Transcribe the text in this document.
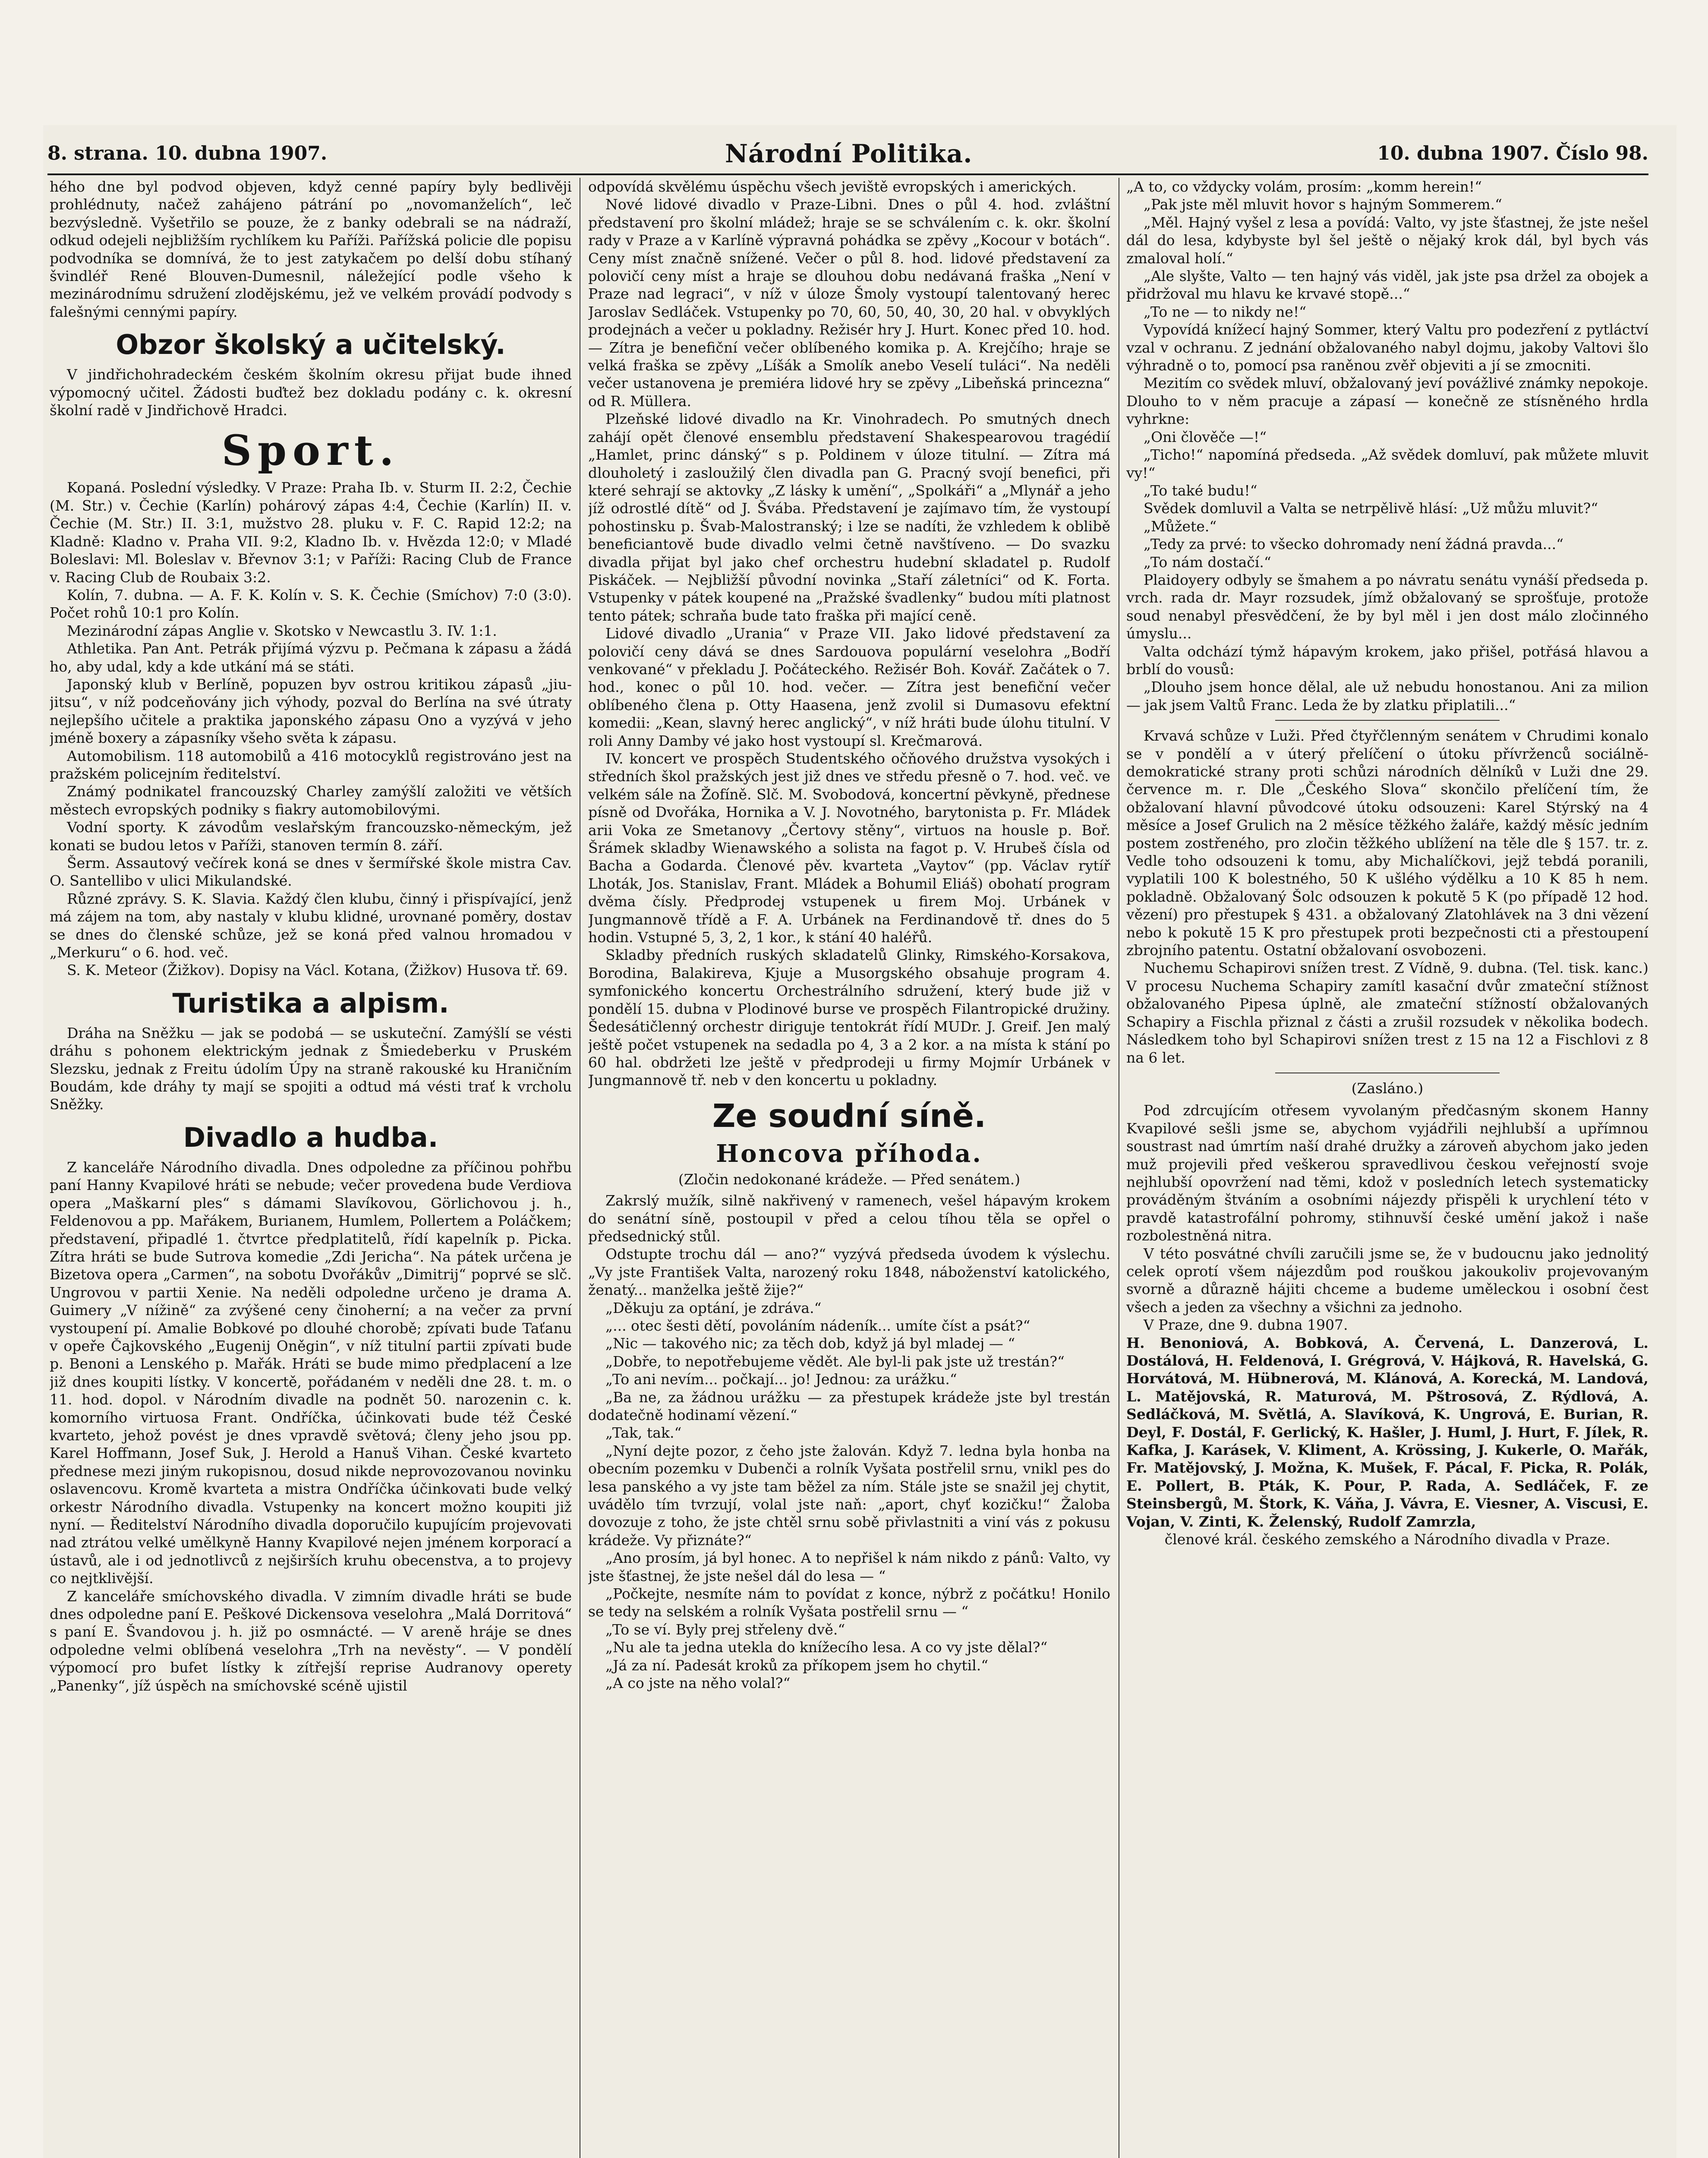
8. strana. 10. dubna 1907.	Národní Politika.	10. dubna 1907. Číslo 98.

hého dne byl podvod objeven, když cenné papíry byly bedlivěji prohlédnuty, načež zahájeno pátrání po „novomanželích“, leč bezvýsledně. Vyšetřilo se pouze, že z banky odebrali se na nádraží, odkud odejeli nejbližším rychlíkem ku Paříži. Pařížská policie dle popisu podvodníka se domnívá, že to jest zatykačem po delší dobu stíhaný švindléř René Blouven-Dumesnil, náležející podle všeho k mezinárodnímu sdružení zlodějskému, jež ve velkém provádí podvody s falešnými cennými papíry.

Obzor školský a učitelský.

V jindřichohradeckém českém školním okresu přijat bude ihned výpomocný učitel. Žádosti buďtež bez dokladu podány c. k. okresní školní radě v Jindřichově Hradci.

Sport.

Kopaná. Poslední výsledky. V Praze: Praha Ib. v. Sturm II. 2:2, Čechie (M. Str.) v. Čechie (Karlín) pohárový zápas 4:4, Čechie (Karlín) II. v. Čechie (M. Str.) II. 3:1, mužstvo 28. pluku v. F. C. Rapid 12:2; na Kladně: Kladno v. Praha VII. 9:2, Kladno Ib. v. Hvězda 12:0; v Mladé Boleslavi: Ml. Boleslav v. Břevnov 3:1; v Paříži: Racing Club de France v. Racing Club de Roubaix 3:2.

Kolín, 7. dubna. — A. F. K. Kolín v. S. K. Čechie (Smíchov) 7:0 (3:0). Počet rohů 10:1 pro Kolín.

Mezinárodní zápas Anglie v. Skotsko v Newcastlu 3. IV. 1:1.

Athletika. Pan Ant. Petrák přijímá výzvu p. Pečmana k zápasu a žádá ho, aby udal, kdy a kde utkání má se státi.

Japonský klub v Berlíně, popuzen byv ostrou kritikou zápasů „jiu-jitsu“, v níž podceňovány jich výhody, pozval do Berlína na své útraty nejlepšího učitele a praktika japonského zápasu Ono a vyzývá v jeho jméně boxery a zápasníky všeho světa k zápasu.

Automobilism. 118 automobilů a 416 motocyklů registrováno jest na pražském policejním ředitelství.

Známý podnikatel francouzský Charley zamýšlí založiti ve větších městech evropských podniky s fiakry automobilovými.

Vodní sporty. K závodům veslařským francouzsko-německým, jež konati se budou letos v Paříži, stanoven termín 8. září.

Šerm. Assautový večírek koná se dnes v šermířské škole mistra Cav. O. Santellibo v ulici Mikulandské.

Různé zprávy. S. K. Slavia. Každý člen klubu, činný i přispívající, jenž má zájem na tom, aby nastaly v klubu klidné, urovnané poměry, dostav se dnes do členské schůze, jež se koná před valnou hromadou v „Merkuru“ o 6. hod. več.

S. K. Meteor (Žižkov). Dopisy na Václ. Kotana, (Žižkov) Husova tř. 69.

Turistika a alpism.

Dráha na Sněžku — jak se podobá — se uskuteční. Zamýšlí se vésti dráhu s pohonem elektrickým jednak z Šmiedeberku v Pruském Slezsku, jednak z Freitu údolím Úpy na straně rakouské ku Hraničním Boudám, kde dráhy ty mají se spojiti a odtud má vésti trať k vrcholu Sněžky.

Divadlo a hudba.

Z kanceláře Národního divadla. Dnes odpoledne za příčinou pohřbu paní Hanny Kvapilové hráti se nebude; večer provedena bude Verdiova opera „Maškarní ples“ s dámami Slavíkovou, Görlichovou j. h., Feldenovou a pp. Mařákem, Burianem, Humlem, Pollertem a Poláčkem; představení, připadlé 1. čtvrtce předplatitelů, řídí kapelník p. Picka. Zítra hráti se bude Sutrova komedie „Zdi Jericha“. Na pátek určena je Bizetova opera „Carmen“, na sobotu Dvořákův „Dimitrij“ poprvé se slč. Ungrovou v partii Xenie. Na neděli odpoledne určeno je drama A. Guimery „V nížině“ za zvýšené ceny činoherní; a na večer za první vystoupení pí. Amalie Bobkové po dlouhé chorobě; zpívati bude Taťanu v opeře Čajkovského „Eugenij Oněgin“, v níž titulní partii zpívati bude p. Benoni a Lenského p. Mařák. Hráti se bude mimo předplacení a lze již dnes koupiti lístky. V koncertě, pořádaném v neděli dne 28. t. m. o 11. hod. dopol. v Národním divadle na podnět 50. narozenin c. k. komorního virtuosa Frant. Ondříčka, účinkovati bude též České kvarteto, jehož povést je dnes vpravdě světová; členy jeho jsou pp. Karel Hoffmann, Josef Suk, J. Herold a Hanuš Vihan. České kvarteto přednese mezi jiným rukopisnou, dosud nikde neprovozovanou novinku oslavencovu. Kromě kvarteta a mistra Ondříčka účinkovati bude velký orkestr Národního divadla. Vstupenky na koncert možno koupiti již nyní. — Ředitelství Národního divadla doporučilo kupujícím projevovati nad ztrátou velké umělkyně Hanny Kvapilové nejen jménem korporací a ústavů, ale i od jednotlivců z nejširších kruhu obecenstva, a to projevy co nejtklivější.

Z kanceláře smíchovského divadla. V zimním divadle hráti se bude dnes odpoledne paní E. Peškové Dickensova veselohra „Malá Dorritová“ s paní E. Švandovou j. h. již po osmnácté. — V areně hráje se dnes odpoledne velmi oblíbená veselohra „Trh na nevěsty“. — V pondělí výpomocí pro bufet lístky k zítřejší reprise Audranovy operety „Panenky“, jíž úspěch na smíchovské scéně ujistil

odpovídá skvělému úspěchu všech jeviště evropských i amerických.

Nové lidové divadlo v Praze-Libni. Dnes o půl 4. hod. zvláštní představení pro školní mládež; hraje se se schválením c. k. okr. školní rady v Praze a v Karlíně výpravná pohádka se zpěvy „Kocour v botách“. Ceny míst značně snížené. Večer o půl 8. hod. lidové představení za polovičí ceny míst a hraje se dlouhou dobu nedávaná fraška „Není v Praze nad legraci“, v níž v úloze Šmoly vystoupí talentovaný herec Jaroslav Sedláček. Vstupenky po 70, 60, 50, 40, 30, 20 hal. v obvyklých prodejnách a večer u pokladny. Režisér hry J. Hurt. Konec před 10. hod. — Zítra je benefiční večer oblíbeného komika p. A. Krejčího; hraje se velká fraška se zpěvy „Líšák a Smolík anebo Veselí tuláci“. Na neděli večer ustanovena je premiéra lidové hry se zpěvy „Libeňská princezna“ od R. Müllera.

Plzeňské lidové divadlo na Kr. Vinohradech. Po smutných dnech zahájí opět členové ensemblu představení Shakespearovou tragédií „Hamlet, princ dánský“ s p. Poldinem v úloze titulní. — Zítra má dlouholetý i zasloužilý člen divadla pan G. Pracný svojí benefici, při které sehrají se aktovky „Z lásky k umění“, „Spolkáři“ a „Mlynář a jeho jíž odrostlé dítě“ od J. Švába. Představení je zajímavo tím, že vystoupí pohostinsku p. Švab-Malostranský; i lze se nadíti, že vzhledem k oblibě beneficiantově bude divadlo velmi četně navštíveno. — Do svazku divadla přijat byl jako chef orchestru hudební skladatel p. Rudolf Piskáček. — Nejbližší původní novinka „Staří záletníci“ od K. Forta. Vstupenky v pátek koupené na „Pražské švadlenky“ budou míti platnost tento pátek; schraňa bude tato fraška při mající ceně.

Lidové divadlo „Urania“ v Praze VII. Jako lidové představení za polovičí ceny dává se dnes Sardouova populární veselohra „Bodří venkované“ v překladu J. Počáteckého. Režisér Boh. Kovář. Začátek o 7. hod., konec o půl 10. hod. večer. — Zítra jest benefiční večer oblíbeného člena p. Otty Haasena, jenž zvolil si Dumasovu efektní komedii: „Kean, slavný herec anglický“, v níž hráti bude úlohu titulní. V roli Anny Damby vé jako host vystoupí sl. Krečmarová.

IV. koncert ve prospěch Studentského očňového družstva vysokých i středních škol pražských jest již dnes ve středu přesně o 7. hod. več. ve velkém sále na Žofíně. Slč. M. Svobodová, koncertní pěvkyně, přednese písně od Dvořáka, Hornika a V. J. Novotného, barytonista p. Fr. Mládek arii Voka ze Smetanovy „Čertovy stěny“, virtuos na housle p. Boř. Šrámek skladby Wienawského a solista na fagot p. V. Hrubeš čísla od Bacha a Godarda. Členové pěv. kvarteta „Vaytov“ (pp. Václav rytíř Lhoták, Jos. Stanislav, Frant. Mládek a Bohumil Eliáš) obohatí program dvěma čísly. Předprodej vstupenek u firem Moj. Urbánek v Jungmannově třídě a F. A. Urbánek na Ferdinandově tř. dnes do 5 hodin. Vstupné 5, 3, 2, 1 kor., k stání 40 haléřů.

Skladby předních ruských skladatelů Glinky, Rimského-Korsakova, Borodina, Balakireva, Kjuje a Musorgského obsahuje program 4. symfonického koncertu Orchestrálního sdružení, který bude již v pondělí 15. dubna v Plodinové burse ve prospěch Filantropické družiny. Šedesátičlenný orchestr diriguje tentokrát řídí MUDr. J. Greif. Jen malý ještě počet vstupenek na sedadla po 4, 3 a 2 kor. a na místa k stání po 60 hal. obdržeti lze ještě v předprodeji u firmy Mojmír Urbánek v Jungmannově tř. neb v den koncertu u pokladny.

Ze soudní síně.
Honcova příhoda.
(Zločin nedokonané krádeže. — Před senátem.)

Zakrslý mužík, silně nakřivený v ramenech, vešel hápavým krokem do senátní síně, postoupil v před a celou tíhou těla se opřel o předsednický stůl.

Odstupte trochu dál — ano?“ vyzývá předseda úvodem k výslechu. „Vy jste František Valta, narozený roku 1848, náboženství katolického, ženatý... manželka ještě žije?“

„Děkuju za optání, je zdráva.“

„... otec šesti dětí, povoláním nádeník... umíte číst a psát?“

„Nic — takového nic; za těch dob, když já byl mladej — “

„Dobře, to nepotřebujeme vědět. Ale byl-li pak jste už trestán?“

„To ani nevím... počkají... jo! Jednou: za urážku.“

„Ba ne, za žádnou urážku — za přestupek krádeže jste byl trestán dodatečně hodinamí vězení.“

„Tak, tak.“

„Nyní dejte pozor, z čeho jste žalován. Když 7. ledna byla honba na obecním pozemku v Dubenči a rolník Vyšata postřelil srnu, vnikl pes do lesa panského a vy jste tam běžel za ním. Stále jste se snažil jej chytit, uvádělo tím tvrzují, volal jste naň: „aport, chyť kozičku!“ Žaloba dovozuje z toho, že jste chtěl srnu sobě přivlastniti a viní vás z pokusu krádeže. Vy přiznáte?“

„Ano prosím, já byl honec. A to nepřišel k nám nikdo z pánů: Valto, vy jste šťastnej, že jste nešel dál do lesa — “

„Počkejte, nesmíte nám to povídat z konce, nýbrž z počátku! Honilo se tedy na selském a rolník Vyšata postřelil srnu — “

„To se ví. Byly prej střeleny dvě.“

„Nu ale ta jedna utekla do knížecího lesa. A co vy jste dělal?“

„Já za ní. Padesát kroků za příkopem jsem ho chytil.“

„A co jste na něho volal?“

„A to, co vždycky volám, prosím: „komm herein!“

„Pak jste měl mluvit hovor s hajným Sommerem.“

„Měl. Hajný vyšel z lesa a povídá: Valto, vy jste šťastnej, že jste nešel dál do lesa, kdybyste byl šel ještě o nějaký krok dál, byl bych vás zmaloval holí.“

„Ale slyšte, Valto — ten hajný vás viděl, jak jste psa držel za obojek a přidržoval mu hlavu ke krvavé stopě...“

„To ne — to nikdy ne!“

Vypovídá knížecí hajný Sommer, který Valtu pro podezření z pytláctví vzal v ochranu. Z jednání obžalovaného nabyl dojmu, jakoby Valtovi šlo výhradně o to, pomocí psa raněnou zvěř objeviti a jí se zmocniti.

Mezitím co svědek mluví, obžalovaný jeví povážlivé známky nepokoje. Dlouho to v něm pracuje a zápasí — konečně ze stísněného hrdla vyhrkne:

„Oni člověče —!“

„Ticho!“ napomíná předseda. „Až svědek domluví, pak můžete mluvit vy!“

„To také budu!“

Svědek domluvil a Valta se netrpělivě hlásí: „Už můžu mluvit?“

„Můžete.“

„Tedy za prvé: to všecko dohromady není žádná pravda...“

„To nám dostačí.“

Plaidoyery odbyly se šmahem a po návratu senátu vynáší předseda p. vrch. rada dr. Mayr rozsudek, jímž obžalovaný se sprošťuje, protože soud nenabyl přesvědčení, že by byl měl i jen dost málo zločinného úmyslu...

Valta odchází týmž hápavým krokem, jako přišel, potřásá hlavou a brblí do vousů:

„Dlouho jsem honce dělal, ale už nebudu honostanou. Ani za milion — jak jsem Valtů Franc. Leda že by zlatku připlatili...“

Krvavá schůze v Luži. Před čtyřčlenným senátem v Chrudimi konalo se v pondělí a v úterý přelíčení o útoku přívrženců sociálně-demokratické strany proti schůzi národních dělníků v Luži dne 29. července m. r. Dle „Českého Slova“ skončilo přelíčení tím, že obžalovaní hlavní původcové útoku odsouzeni: Karel Stýrský na 4 měsíce a Josef Grulich na 2 měsíce těžkého žaláře, každý měsíc jedním postem zostřeného, pro zločin těžkého ublížení na těle dle § 157. tr. z. Vedle toho odsouzeni k tomu, aby Michalíčkovi, jejž tebdá poranili, vyplatili 100 K bolestného, 50 K ušlého výdělku a 10 K 85 h nem. pokladně. Obžalovaný Šolc odsouzen k pokutě 5 K (po případě 12 hod. vězení) pro přestupek § 431. a obžalovaný Zlatohlávek na 3 dni vězení nebo k pokutě 15 K pro přestupek proti bezpečnosti cti a přestoupení zbrojního patentu. Ostatní obžalovaní osvobozeni.

Nuchemu Schapirovi snížen trest. Z Vídně, 9. dubna. (Tel. tisk. kanc.) V procesu Nuchema Schapiry zamítl kasační dvůr zmateční stížnost obžalovaného Pipesa úplně, ale zmateční stížností obžalovaných Schapiry a Fischla přiznal z části a zrušil rozsudek v několika bodech. Následkem toho byl Schapirovi snížen trest z 15 na 12 a Fischlovi z 8 na 6 let.

(Zasláno.)

Pod zdrcujícím otřesem vyvolaným předčasným skonem Hanny Kvapilové sešli jsme se, abychom vyjádřili nejhlubší a upřímnou soustrast nad úmrtím naší drahé družky a zároveň abychom jako jeden muž projevili před veškerou spravedlivou českou veřejností svoje nejhlubší opovržení nad těmi, kdož v posledních letech systematicky prováděným štváním a osobními nájezdy přispěli k urychlení této v pravdě katastrofální pohromy, stihnuvší české umění jakož i naše rozbolestněná nitra.

V této posvátné chvíli zaručili jsme se, že v budoucnu jako jednolitý celek oprotí všem nájezdům pod rouškou jakoukoliv projevovaným svorně a důrazně hájiti chceme a budeme uměleckou i osobní čest všech a jeden za všechny a všichni za jednoho.

V Praze, dne 9. dubna 1907.

H. Benoniová, A. Bobková, A. Červená, L. Danzerová, L. Dostálová, H. Feldenová, I. Grégrová, V. Hájková, R. Havelská, G. Horvátová, M. Hübnerová, M. Klánová, A. Korecká, M. Landová, L. Matějovská, R. Maturová, M. Pštrosová, Z. Rýdlová, A. Sedláčková, M. Světlá, A. Slavíková, K. Ungrová, E. Burian, R. Deyl, F. Dostál, F. Gerlický, K. Hašler, J. Huml, J. Hurt, F. Jílek, R. Kafka, J. Karásek, V. Kliment, A. Krössing, J. Kukerle, O. Mařák, Fr. Matějovský, J. Možna, K. Mušek, F. Pácal, F. Picka, R. Polák, E. Pollert, B. Pták, K. Pour, P. Rada, A. Sedláček, F. ze Steinsbergů, M. Štork, K. Váňa, J. Vávra, E. Viesner, A. Viscusi, E. Vojan, V. Zinti, K. Želenský, Rudolf Zamrzla,

členové král. českého zemského a Národního divadla v Praze.
